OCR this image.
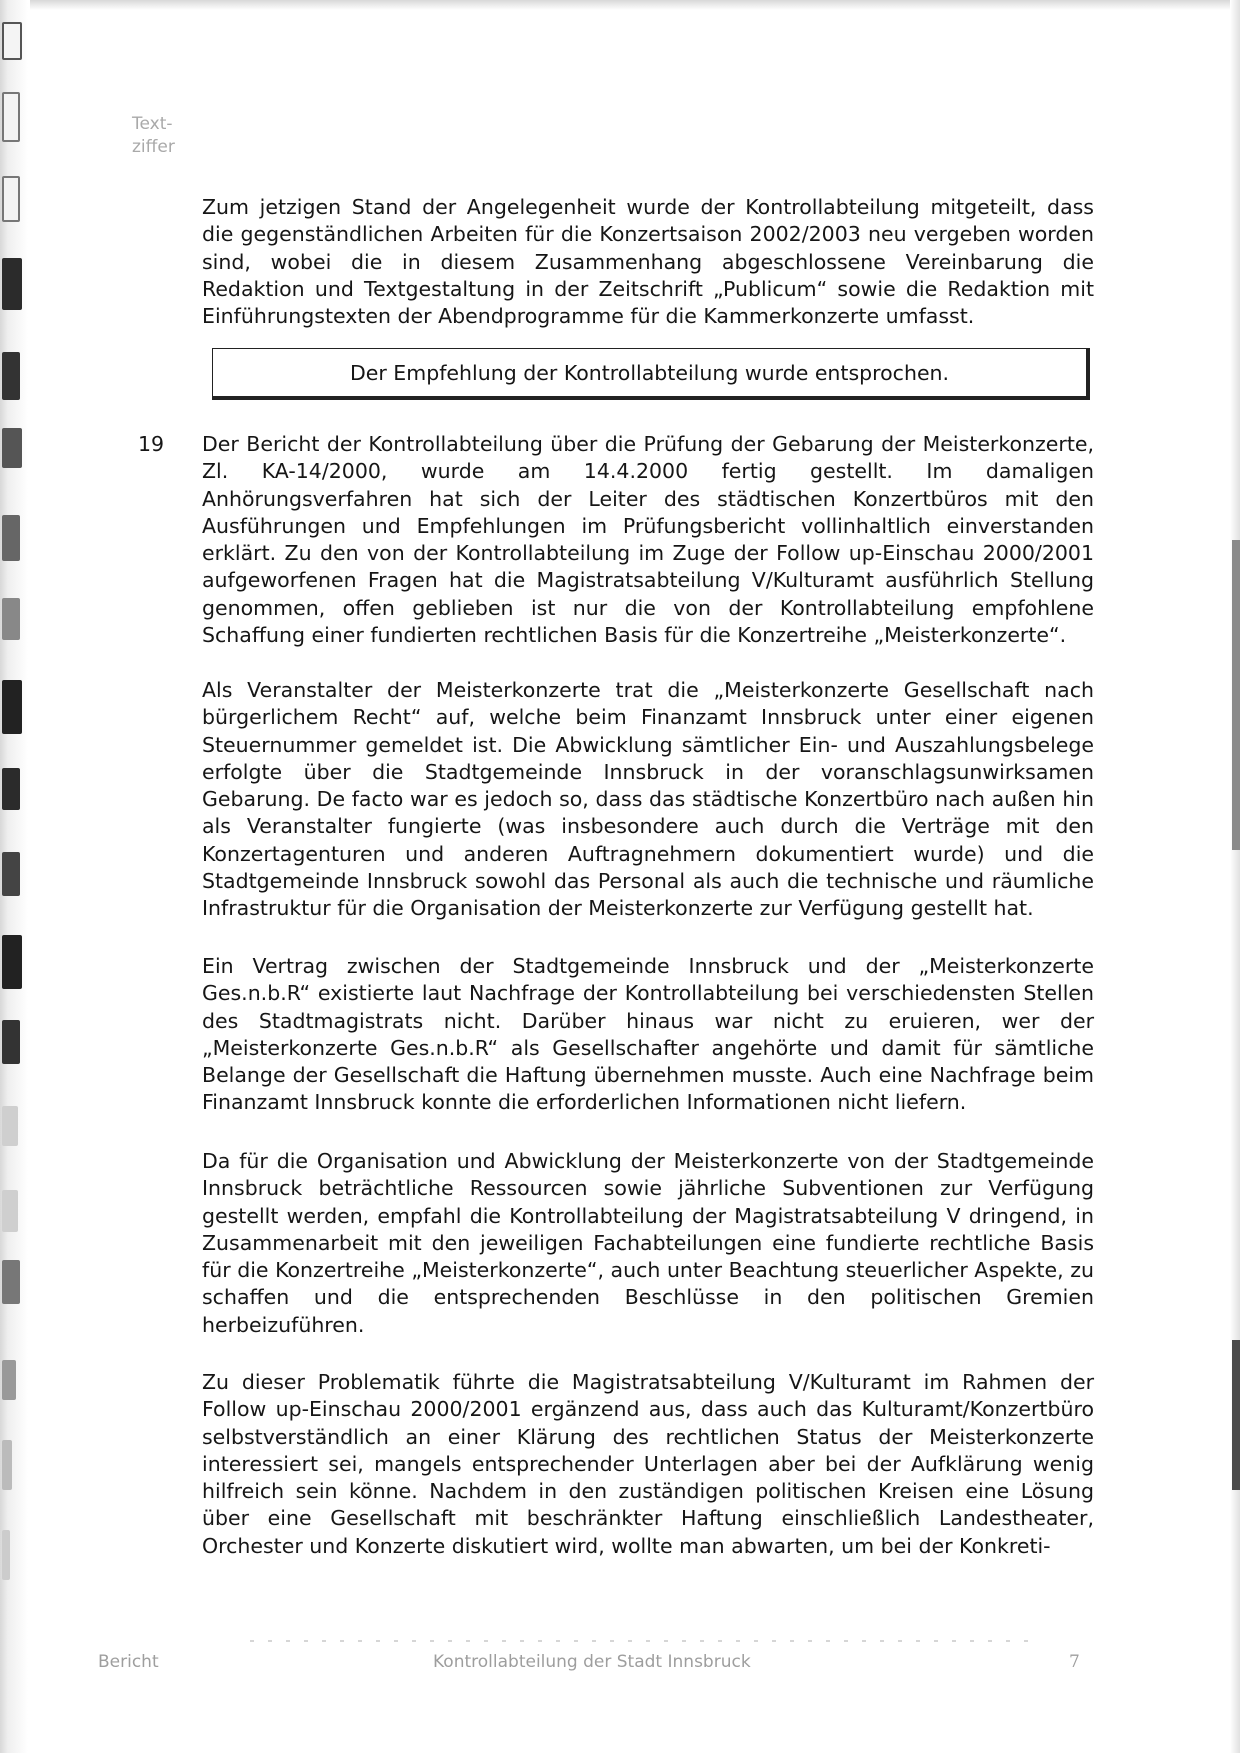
Text-
ziffer

Zum jetzigen Stand der Angelegenheit wurde der Kontrollabteilung mitgeteilt, dass die gegenständlichen Arbeiten für die Konzertsaison 2002/2003 neu vergeben worden sind, wobei die in diesem Zusammenhang abgeschlossene Vereinbarung die Redaktion und Textgestaltung in der Zeitschrift „Publicum“ sowie die Redaktion mit Einführungstexten der Abendprogramme für die Kammerkonzerte umfasst.

Der Empfehlung der Kontrollabteilung wurde entsprochen.
19 Der Bericht der Kontrollabteilung über die Prüfung der Gebarung der Meisterkonzerte, Zl. KA-14/2000, wurde am 14.4.2000 fertig gestellt. Im damaligen Anhörungsverfahren hat sich der Leiter des städtischen Konzertbüros mit den Ausführungen und Empfehlungen im Prüfungsbericht vollinhaltlich einverstanden erklärt. Zu den von der Kontrollabteilung im Zuge der Follow up-Einschau 2000/2001 aufgeworfenen Fragen hat die Magistratsabteilung V/Kulturamt ausführlich Stellung genommen, offen geblieben ist nur die von der Kontrollabteilung empfohlene Schaffung einer fundierten rechtlichen Basis für die Konzertreihe „Meisterkonzerte“.

Als Veranstalter der Meisterkonzerte trat die „Meisterkonzerte Gesellschaft nach bürgerlichem Recht“ auf, welche beim Finanzamt Innsbruck unter einer eigenen Steuernummer gemeldet ist. Die Abwicklung sämtlicher Ein- und Auszahlungsbelege erfolgte über die Stadtgemeinde Innsbruck in der voranschlagsunwirksamen Gebarung. De facto war es jedoch so, dass das städtische Konzertbüro nach außen hin als Veranstalter fungierte (was insbesondere auch durch die Verträge mit den Konzertagenturen und anderen Auftragnehmern dokumentiert wurde) und die Stadtgemeinde Innsbruck sowohl das Personal als auch die technische und räumliche Infrastruktur für die Organisation der Meisterkonzerte zur Verfügung gestellt hat.

Ein Vertrag zwischen der Stadtgemeinde Innsbruck und der „Meisterkonzerte Ges.n.b.R“ existierte laut Nachfrage der Kontrollabteilung bei verschiedensten Stellen des Stadtmagistrats nicht. Darüber hinaus war nicht zu eruieren, wer der „Meisterkonzerte Ges.n.b.R“ als Gesellschafter angehörte und damit für sämtliche Belange der Gesellschaft die Haftung übernehmen musste. Auch eine Nachfrage beim Finanzamt Innsbruck konnte die erforderlichen Informationen nicht liefern.

Da für die Organisation und Abwicklung der Meisterkonzerte von der Stadtgemeinde Innsbruck beträchtliche Ressourcen sowie jährliche Subventionen zur Verfügung gestellt werden, empfahl die Kontrollabteilung der Magistratsabteilung V dringend, in Zusammenarbeit mit den jeweiligen Fachabteilungen eine fundierte rechtliche Basis für die Konzertreihe „Meisterkonzerte“, auch unter Beachtung steuerlicher Aspekte, zu schaffen und die entsprechenden Beschlüsse in den politischen Gremien herbeizuführen.

Zu dieser Problematik führte die Magistratsabteilung V/Kulturamt im Rahmen der Follow up-Einschau 2000/2001 ergänzend aus, dass auch das Kulturamt/Konzertbüro selbstverständlich an einer Klärung des rechtlichen Status der Meisterkonzerte interessiert sei, mangels entsprechender Unterlagen aber bei der Aufklärung wenig hilfreich sein könne. Nachdem in den zuständigen politischen Kreisen eine Lösung über eine Gesellschaft mit beschränkter Haftung einschließlich Landestheater, Orchester und Konzerte diskutiert wird, wollte man abwarten, um bei der Konkreti-

Bericht	Kontrollabteilung der Stadt Innsbruck	7
